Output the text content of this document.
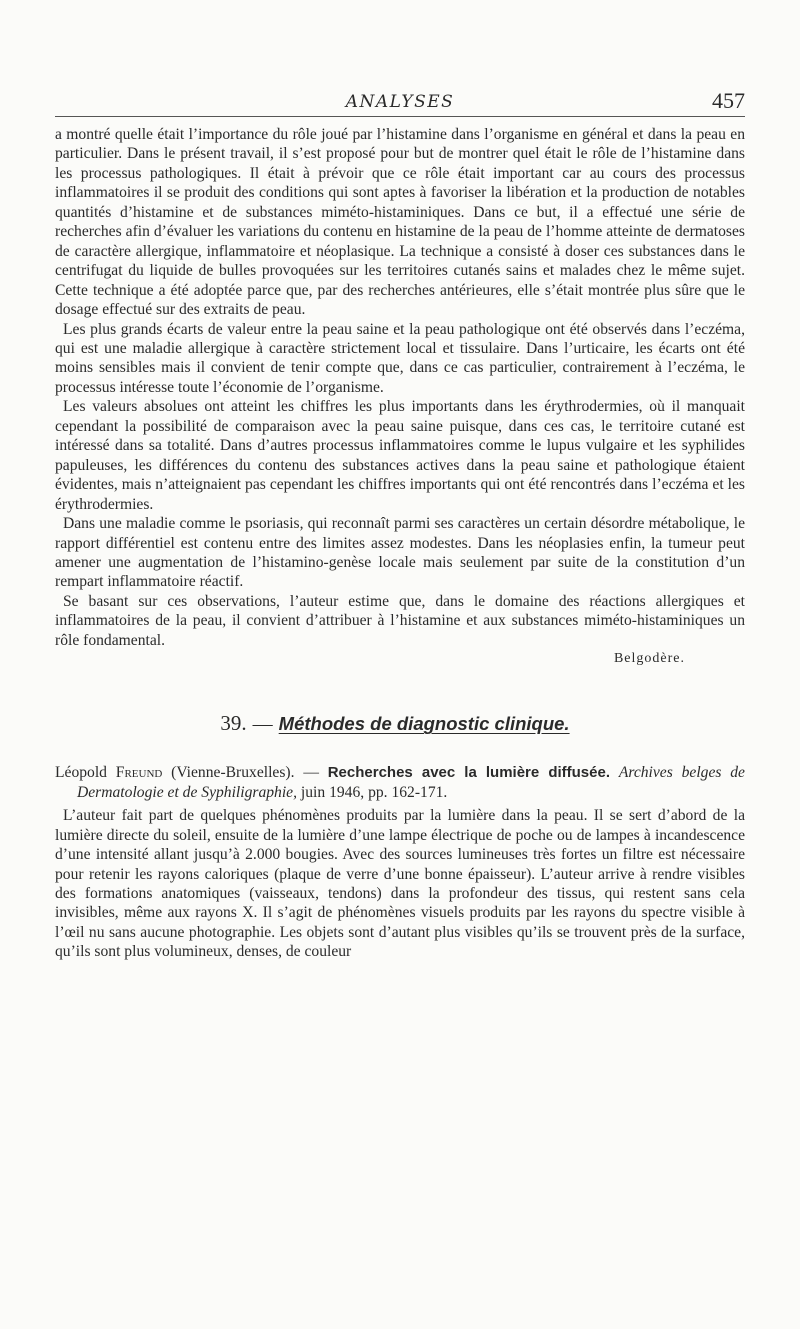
ANALYSES	457

a montré quelle était l’importance du rôle joué par l’histamine dans l’organisme en général et dans la peau en particulier. Dans le présent travail, il s’est proposé pour but de montrer quel était le rôle de l’histamine dans les processus pathologiques. Il était à prévoir que ce rôle était important car au cours des processus inflammatoires il se produit des conditions qui sont aptes à favoriser la libération et la production de notables quantités d’histamine et de substances miméto-histaminiques. Dans ce but, il a effectué une série de recherches afin d’évaluer les variations du contenu en histamine de la peau de l’homme atteinte de dermatoses de caractère allergique, inflammatoire et néoplasique. La technique a consisté à doser ces substances dans le centrifugat du liquide de bulles provoquées sur les territoires cutanés sains et malades chez le même sujet. Cette technique a été adoptée parce que, par des recherches antérieures, elle s’était montrée plus sûre que le dosage effectué sur des extraits de peau.

Les plus grands écarts de valeur entre la peau saine et la peau pathologique ont été observés dans l’eczéma, qui est une maladie allergique à caractère strictement local et tissulaire. Dans l’urticaire, les écarts ont été moins sensibles mais il convient de tenir compte que, dans ce cas particulier, contrairement à l’eczéma, le processus intéresse toute l’économie de l’organisme.

Les valeurs absolues ont atteint les chiffres les plus importants dans les érythrodermies, où il manquait cependant la possibilité de comparaison avec la peau saine puisque, dans ces cas, le territoire cutané est intéressé dans sa totalité. Dans d’autres processus inflammatoires comme le lupus vulgaire et les syphilides papuleuses, les différences du contenu des substances actives dans la peau saine et pathologique étaient évidentes, mais n’atteignaient pas cependant les chiffres importants qui ont été rencontrés dans l’eczéma et les érythrodermies.

Dans une maladie comme le psoriasis, qui reconnaît parmi ses caractères un certain désordre métabolique, le rapport différentiel est contenu entre des limites assez modestes. Dans les néoplasies enfin, la tumeur peut amener une augmentation de l’histamino-genèse locale mais seulement par suite de la constitution d’un rempart inflammatoire réactif.

Se basant sur ces observations, l’auteur estime que, dans le domaine des réactions allergiques et inflammatoires de la peau, il convient d’attribuer à l’histamine et aux substances miméto-histaminiques un rôle fondamental.

Belgodère.
39. — Méthodes de diagnostic clinique.

Léopold Freund (Vienne-Bruxelles). — Recherches avec la lumière diffusée. Archives belges de Dermatologie et de Syphiligraphie, juin 1946, pp. 162-171.

L’auteur fait part de quelques phénomènes produits par la lumière dans la peau. Il se sert d’abord de la lumière directe du soleil, ensuite de la lumière d’une lampe électrique de poche ou de lampes à incandescence d’une intensité allant jusqu’à 2.000 bougies. Avec des sources lumineuses très fortes un filtre est nécessaire pour retenir les rayons caloriques (plaque de verre d’une bonne épaisseur). L’auteur arrive à rendre visibles des formations anatomiques (vaisseaux, tendons) dans la profondeur des tissus, qui restent sans cela invisibles, même aux rayons X. Il s’agit de phénomènes visuels produits par les rayons du spectre visible à l’œil nu sans aucune photographie. Les objets sont d’autant plus visibles qu’ils se trouvent près de la surface, qu’ils sont plus volumineux, denses, de couleur
